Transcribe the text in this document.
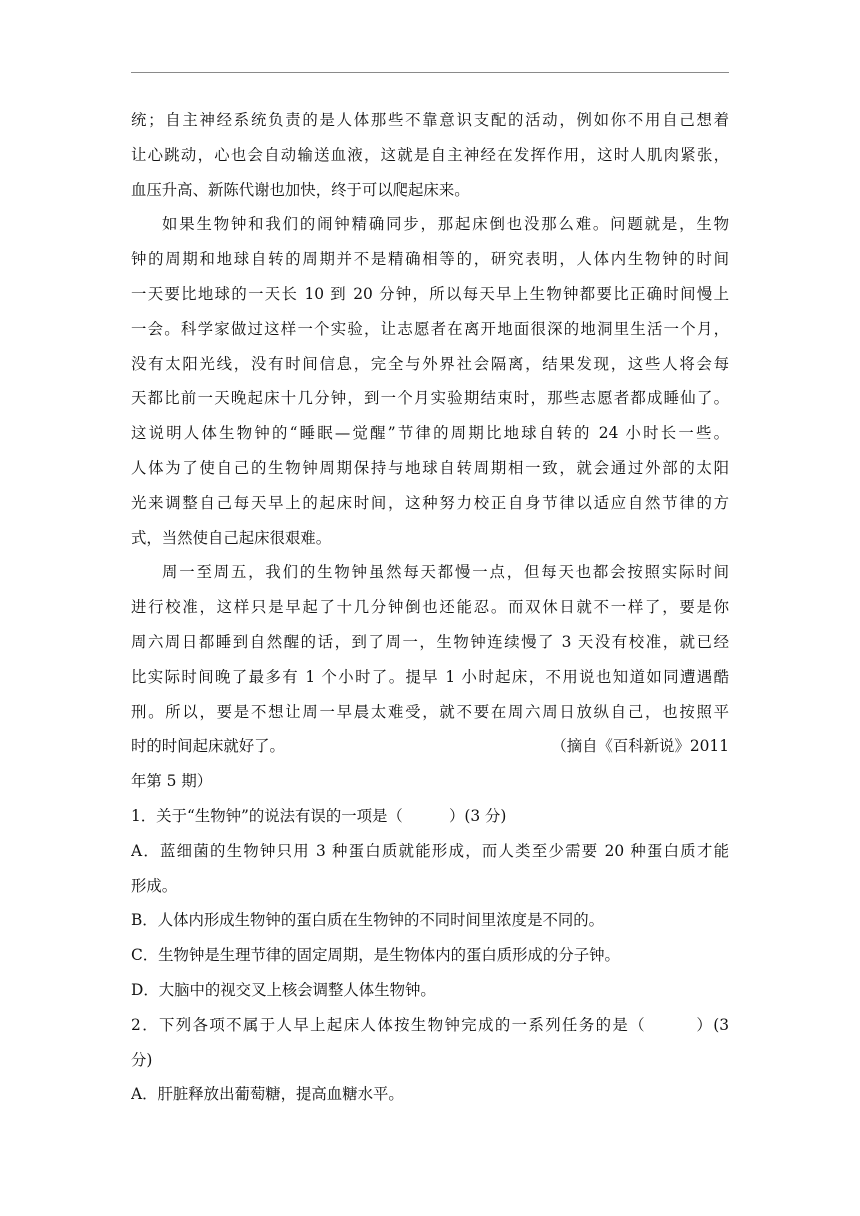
统；自主神经系统负责的是人体那些不靠意识支配的活动，例如你不用自己想着
让心跳动，心也会自动输送血液，这就是自主神经在发挥作用，这时人肌肉紧张，
血压升高、新陈代谢也加快，终于可以爬起床来。
如果生物钟和我们的闹钟精确同步，那起床倒也没那么难。问题就是，生物
钟的周期和地球自转的周期并不是精确相等的，研究表明，人体内生物钟的时间
一天要比地球的一天长 10 到 20 分钟，所以每天早上生物钟都要比正确时间慢上
一会。科学家做过这样一个实验，让志愿者在离开地面很深的地洞里生活一个月，
没有太阳光线，没有时间信息，完全与外界社会隔离，结果发现，这些人将会每
天都比前一天晚起床十几分钟，到一个月实验期结束时，那些志愿者都成睡仙了。
这说明人体生物钟的“睡眠—觉醒”节律的周期比地球自转的 24 小时长一些。
人体为了使自己的生物钟周期保持与地球自转周期相一致，就会通过外部的太阳
光来调整自己每天早上的起床时间，这种努力校正自身节律以适应自然节律的方
式，当然使自己起床很艰难。
周一至周五，我们的生物钟虽然每天都慢一点，但每天也都会按照实际时间
进行校准，这样只是早起了十几分钟倒也还能忍。而双休日就不一样了，要是你
周六周日都睡到自然醒的话，到了周一，生物钟连续慢了 3 天没有校准，就已经
比实际时间晚了最多有 1 个小时了。提早 1 小时起床，不用说也知道如同遭遇酷
刑。所以，要是不想让周一早晨太难受，就不要在周六周日放纵自己，也按照平
时的时间起床就好了。	（摘自《百科新说》2011
年第 5 期）
1．关于“生物钟”的说法有误的一项是（　　　）(3 分)
A．蓝细菌的生物钟只用 3 种蛋白质就能形成，而人类至少需要 20 种蛋白质才能
形成。
B．人体内形成生物钟的蛋白质在生物钟的不同时间里浓度是不同的。
C．生物钟是生理节律的固定周期，是生物体内的蛋白质形成的分子钟。
D．大脑中的视交叉上核会调整人体生物钟。
2．下列各项不属于人早上起床人体按生物钟完成的一系列任务的是（　　　）(3
分)
A．肝脏释放出葡萄糖，提高血糖水平。
